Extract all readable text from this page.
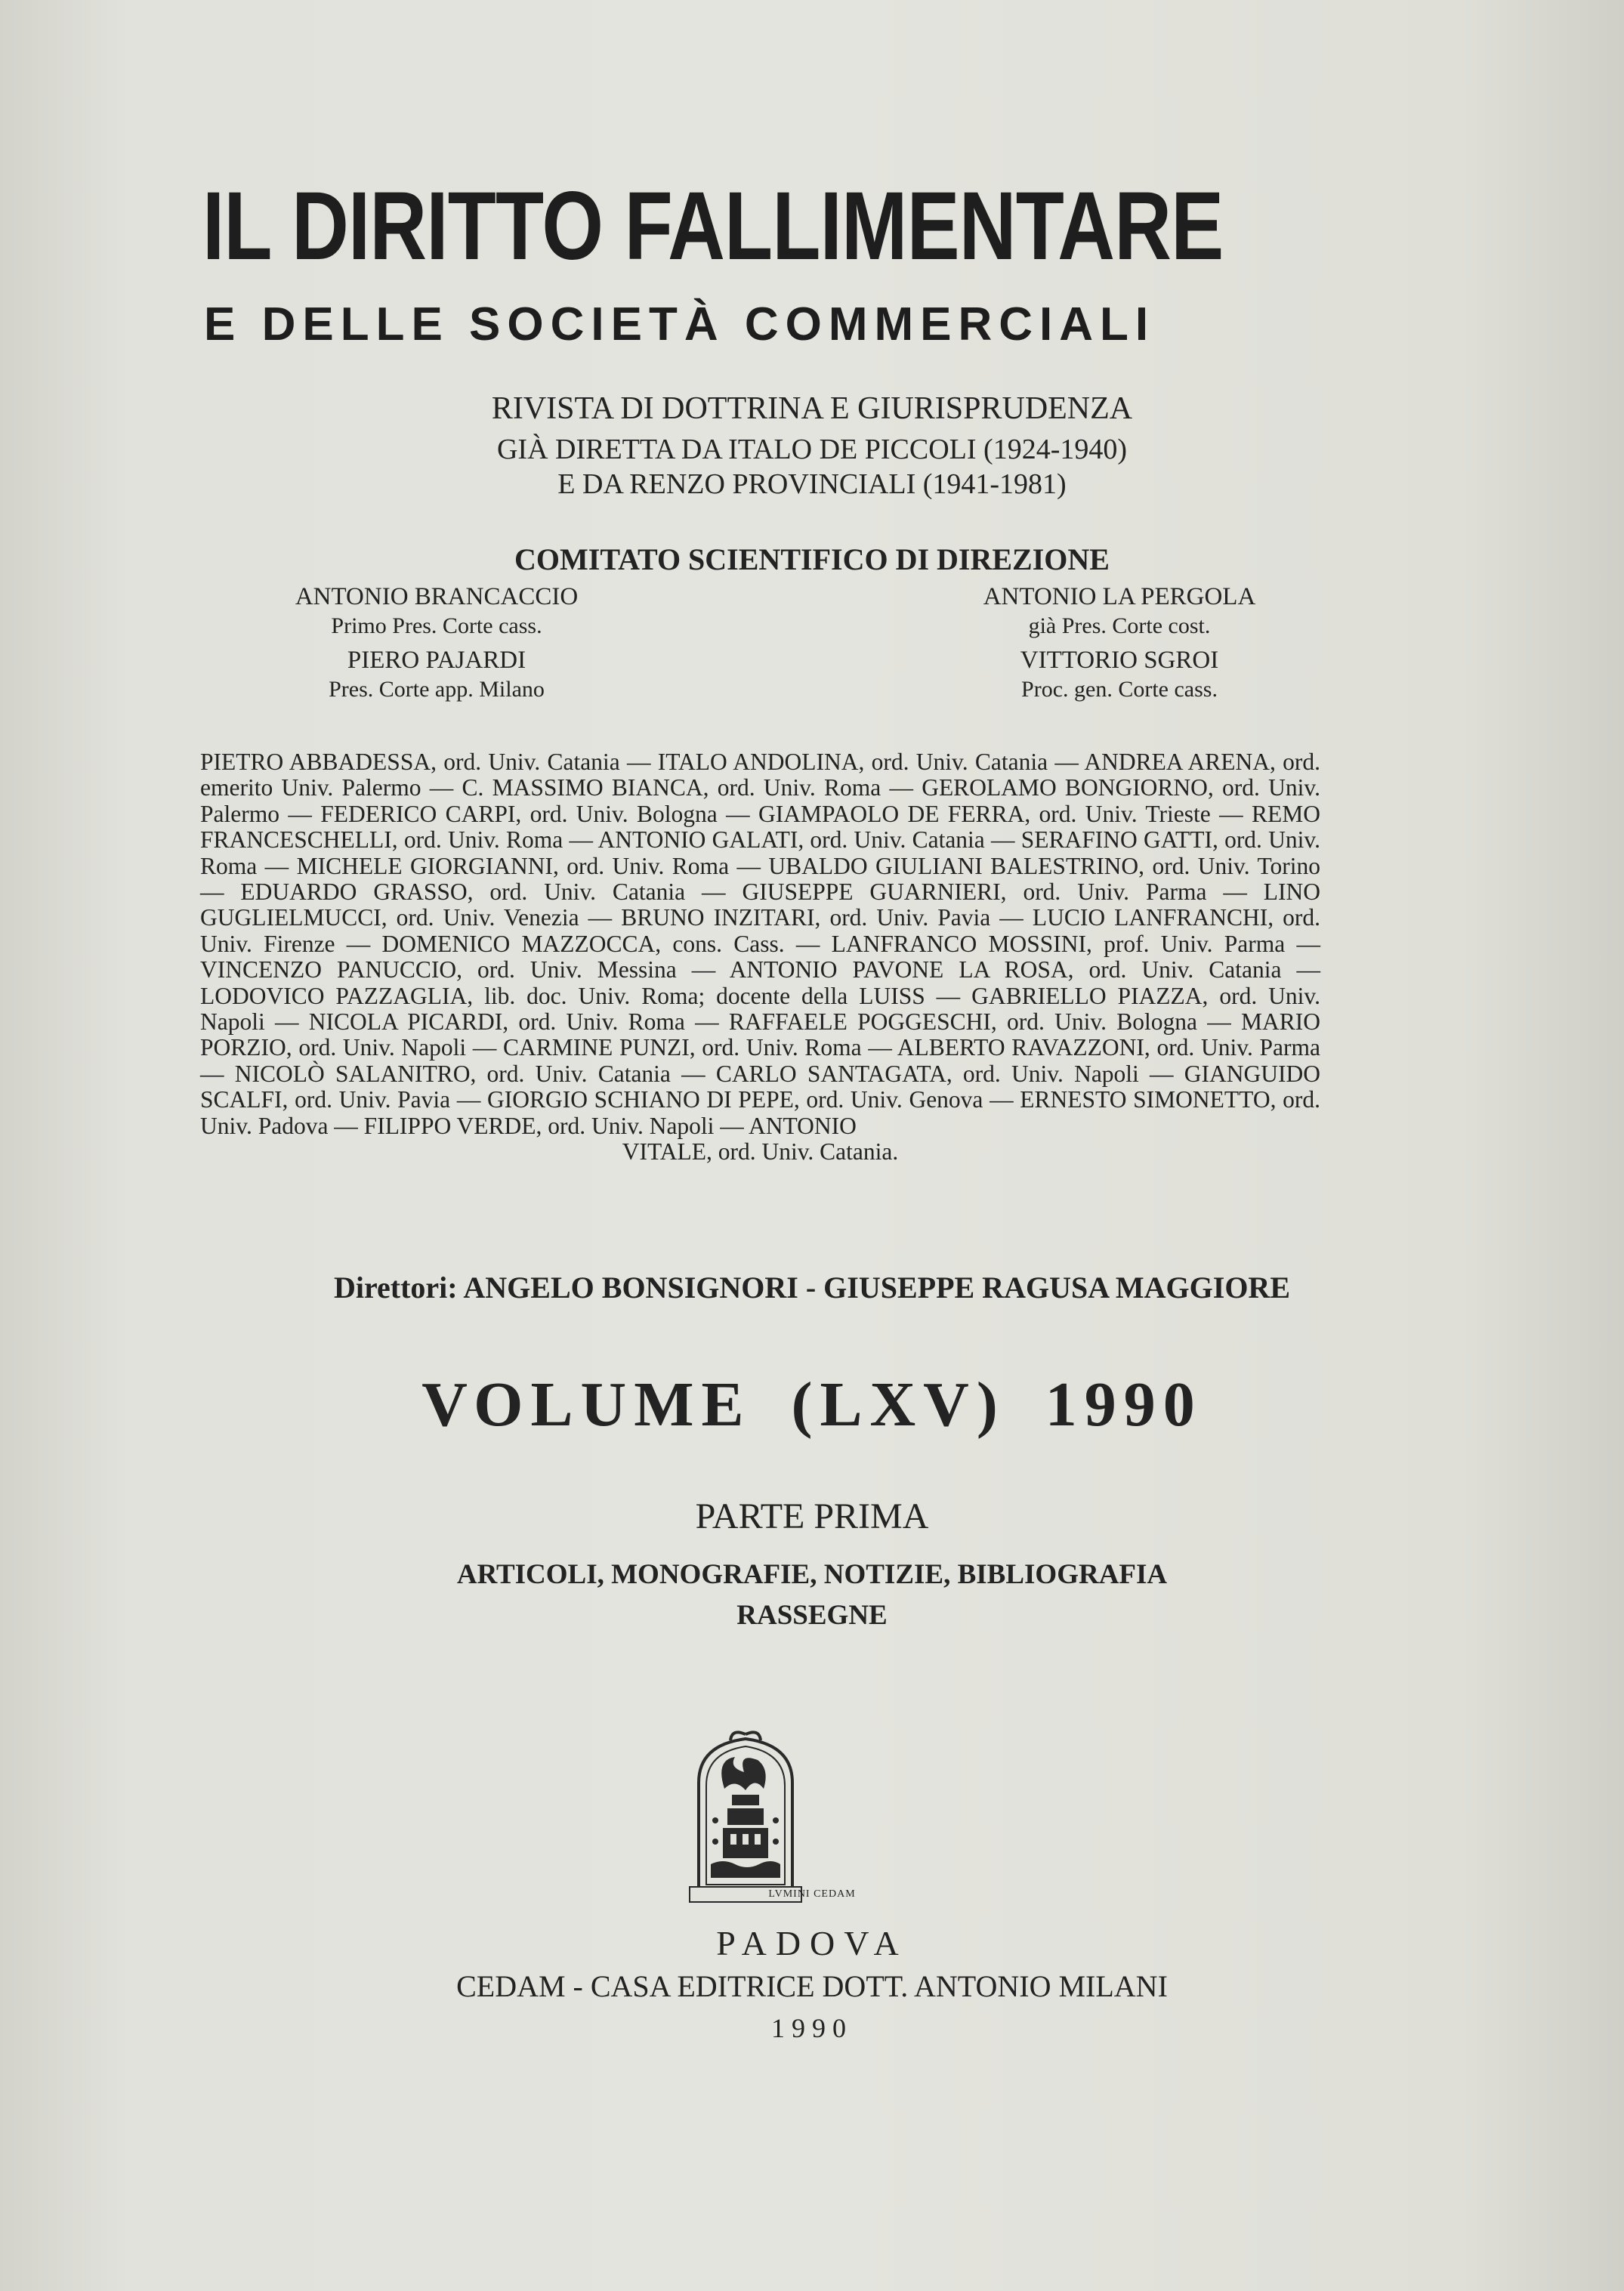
IL DIRITTO FALLIMENTARE
E DELLE SOCIETÀ COMMERCIALI
RIVISTA DI DOTTRINA E GIURISPRUDENZA
GIÀ DIRETTA DA ITALO DE PICCOLI (1924-1940)
E DA RENZO PROVINCIALI (1941-1981)
COMITATO SCIENTIFICO DI DIREZIONE
ANTONIO BRANCACCIO
Primo Pres. Corte cass.
ANTONIO LA PERGOLA
già Pres. Corte cost.
PIERO PAJARDI
Pres. Corte app. Milano
VITTORIO SGROI
Proc. gen. Corte cass.
PIETRO ABBADESSA, ord. Univ. Catania — ITALO ANDOLINA, ord. Univ. Catania — ANDREA ARENA, ord. emerito Univ. Palermo — C. MASSIMO BIANCA, ord. Univ. Roma — GEROLAMO BONGIORNO, ord. Univ. Palermo — FEDERICO CARPI, ord. Univ. Bologna — GIAMPAOLO DE FERRA, ord. Univ. Trieste — REMO FRANCESCHELLI, ord. Univ. Roma — ANTONIO GALATI, ord. Univ. Catania — SERAFINO GATTI, ord. Univ. Roma — MICHELE GIORGIANNI, ord. Univ. Roma — UBALDO GIULIANI BALESTRINO, ord. Univ. Torino — EDUARDO GRASSO, ord. Univ. Catania — GIUSEPPE GUARNIERI, ord. Univ. Parma — LINO GUGLIELMUCCI, ord. Univ. Venezia — BRUNO INZITARI, ord. Univ. Pavia — LUCIO LANFRANCHI, ord. Univ. Firenze — DOMENICO MAZZOCCA, cons. Cass. — LANFRANCO MOSSINI, prof. Univ. Parma — VINCENZO PANUCCIO, ord. Univ. Messina — ANTONIO PAVONE LA ROSA, ord. Univ. Catania — LODOVICO PAZZAGLIA, lib. doc. Univ. Roma; docente della LUISS — GABRIELLO PIAZZA, ord. Univ. Napoli — NICOLA PICARDI, ord. Univ. Roma — RAFFAELE POGGESCHI, ord. Univ. Bologna — MARIO PORZIO, ord. Univ. Napoli — CARMINE PUNZI, ord. Univ. Roma — ALBERTO RAVAZZONI, ord. Univ. Parma — NICOLÒ SALANITRO, ord. Univ. Catania — CARLO SANTAGATA, ord. Univ. Napoli — GIANGUIDO SCALFI, ord. Univ. Pavia — GIORGIO SCHIANO DI PEPE, ord. Univ. Genova — ERNESTO SIMONETTO, ord. Univ. Padova — FILIPPO VERDE, ord. Univ. Napoli — ANTONIO
VITALE, ord. Univ. Catania.
Direttori: ANGELO BONSIGNORI - GIUSEPPE RAGUSA MAGGIORE
VOLUME (LXV) 1990
PARTE PRIMA
ARTICOLI, MONOGRAFIE, NOTIZIE, BIBLIOGRAFIA
RASSEGNE
LVMINI CEDAM
PADOVA
CEDAM - CASA EDITRICE DOTT. ANTONIO MILANI
1990
